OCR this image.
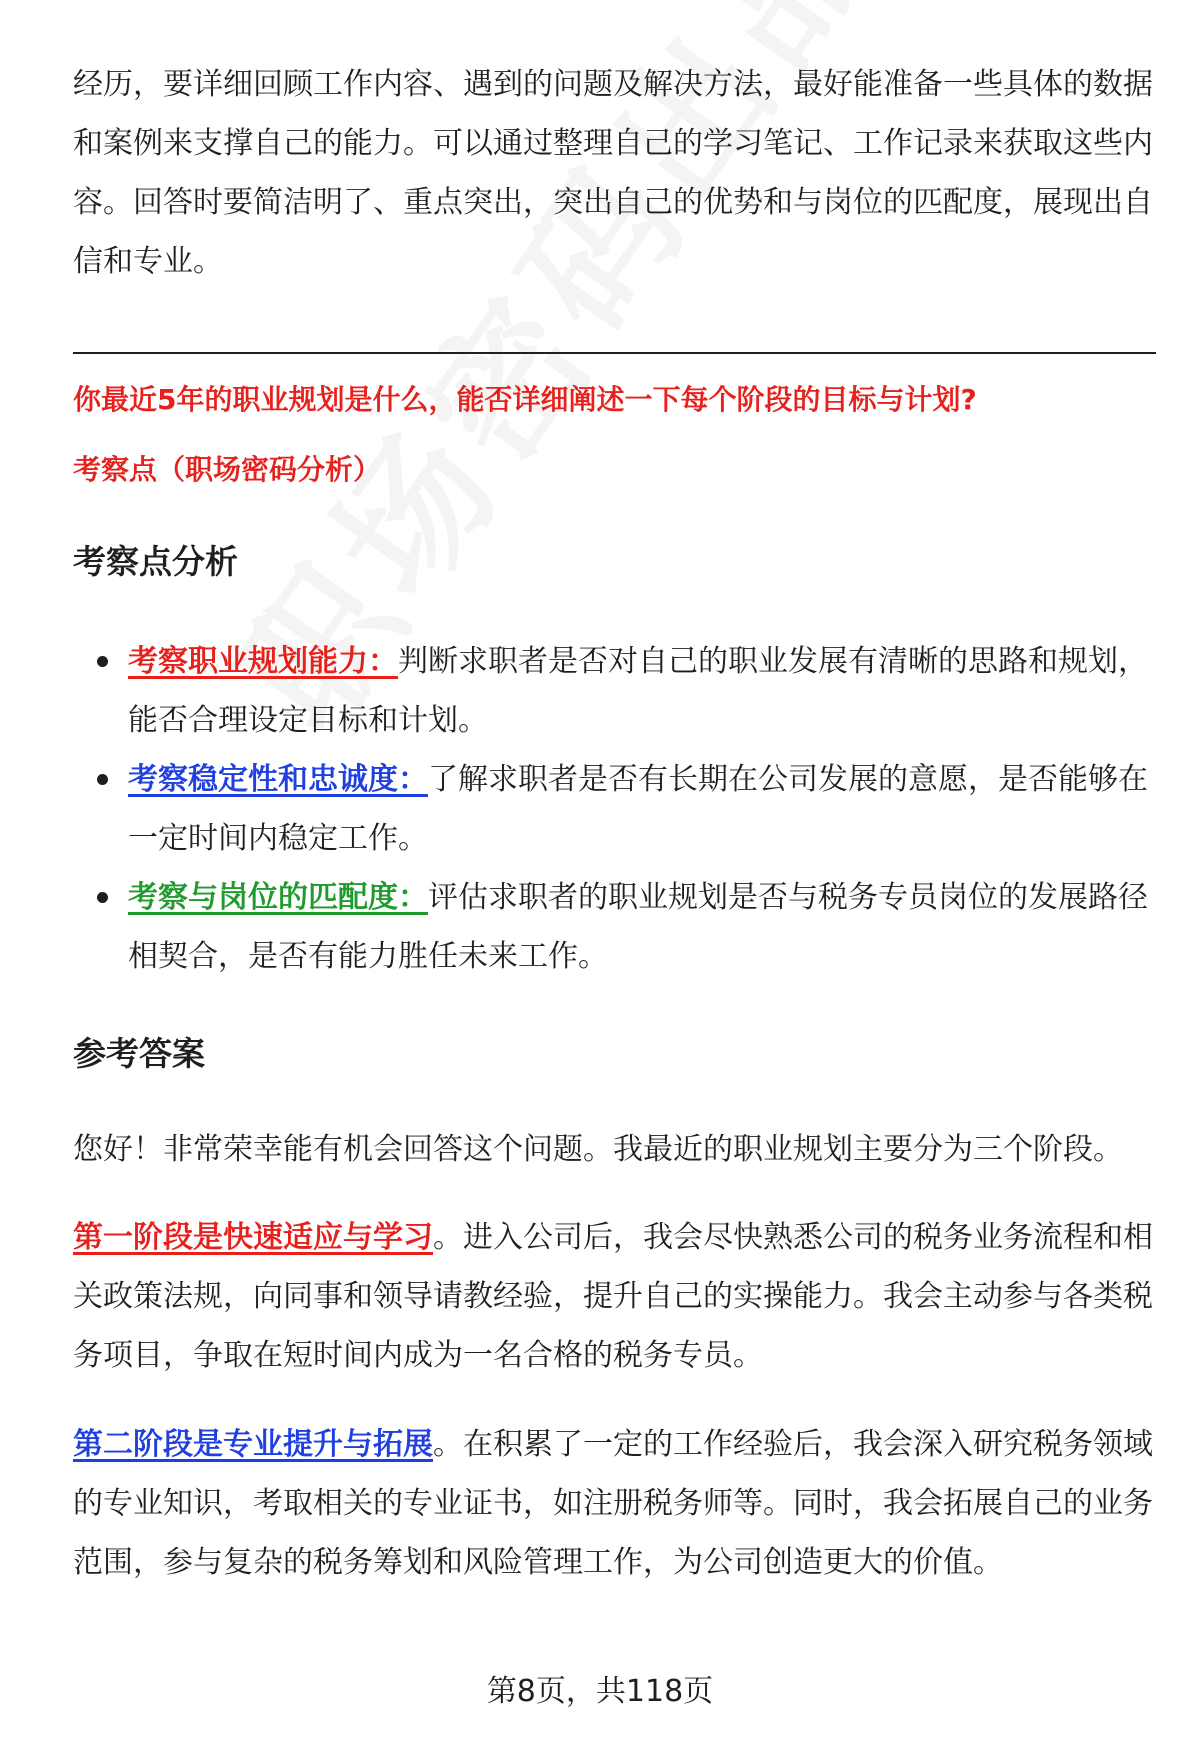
经历，要详细回顾工作内容、遇到的问题及解决方法，最好能准备一些具体的数据和案例来支撑自己的能力。可以通过整理自己的学习笔记、工作记录来获取这些内容。回答时要简洁明了、重点突出，突出自己的优势和与岗位的匹配度，展现出自信和专业。

你最近5年的职业规划是什么，能否详细阐述一下每个阶段的目标与计划?
考察点（职场密码分析）
考察点分析
考察职业规划能力：判断求职者是否对自己的职业发展有清晰的思路和规划，能否合理设定目标和计划。
考察稳定性和忠诚度：了解求职者是否有长期在公司发展的意愿，是否能够在一定时间内稳定工作。
考察与岗位的匹配度：评估求职者的职业规划是否与税务专员岗位的发展路径相契合，是否有能力胜任未来工作。
参考答案

您好！非常荣幸能有机会回答这个问题。我最近的职业规划主要分为三个阶段。

第一阶段是快速适应与学习。进入公司后，我会尽快熟悉公司的税务业务流程和相关政策法规，向同事和领导请教经验，提升自己的实操能力。我会主动参与各类税务项目，争取在短时间内成为一名合格的税务专员。

第二阶段是专业提升与拓展。在积累了一定的工作经验后，我会深入研究税务领域的专业知识，考取相关的专业证书，如注册税务师等。同时，我会拓展自己的业务范围，参与复杂的税务筹划和风险管理工作，为公司创造更大的价值。

第8页，共118页
